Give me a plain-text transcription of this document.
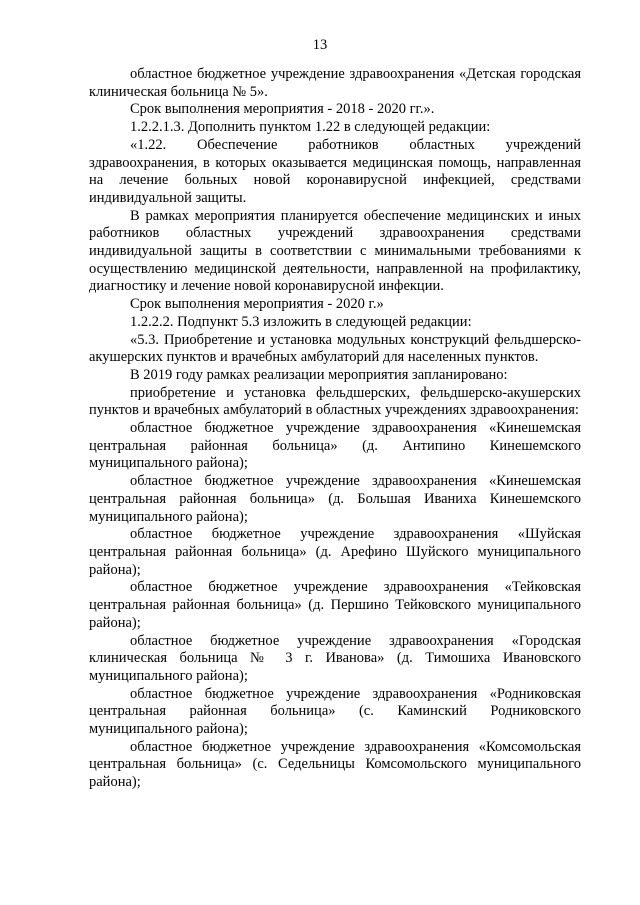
13

областное бюджетное учреждение здравоохранения «Детская городская клиническая больница № 5».

Срок выполнения мероприятия - 2018 - 2020 гг.».

1.2.2.1.3. Дополнить пунктом 1.22 в следующей редакции:

«1.22. Обеспечение работников областных учреждений здравоохранения, в которых оказывается медицинская помощь, направленная на лечение больных новой коронавирусной инфекцией, средствами индивидуальной защиты.

В рамках мероприятия планируется обеспечение медицинских и иных работников областных учреждений здравоохранения средствами индивидуальной защиты в соответствии с минимальными требованиями к осуществлению медицинской деятельности, направленной на профилактику, диагностику и лечение новой коронавирусной инфекции.

Срок выполнения мероприятия - 2020 г.»

1.2.2.2. Подпункт 5.3 изложить в следующей редакции:

«5.3. Приобретение и установка модульных конструкций фельдшерско-акушерских пунктов и врачебных амбулаторий для населенных пунктов.

В 2019 году рамках реализации мероприятия запланировано:

приобретение и установка фельдшерских, фельдшерско-акушерских пунктов и врачебных амбулаторий в областных учреждениях здравоохранения:

областное бюджетное учреждение здравоохранения «Кинешемская центральная районная больница» (д. Антипино Кинешемского муниципального района);

областное бюджетное учреждение здравоохранения «Кинешемская центральная районная больница» (д. Большая Иваниха Кинешемского муниципального района);

областное бюджетное учреждение здравоохранения «Шуйская центральная районная больница» (д. Арефино Шуйского муниципального района);

областное бюджетное учреждение здравоохранения «Тейковская центральная районная больница» (д. Першино Тейковского муниципального района);

областное бюджетное учреждение здравоохранения «Городская клиническая больница № 3 г. Иванова» (д. Тимошиха Ивановского муниципального района);

областное бюджетное учреждение здравоохранения «Родниковская центральная районная больница» (с. Каминский Родниковского муниципального района);

областное бюджетное учреждение здравоохранения «Комсомольская центральная больница» (с. Седельницы Комсомольского муниципального района);
